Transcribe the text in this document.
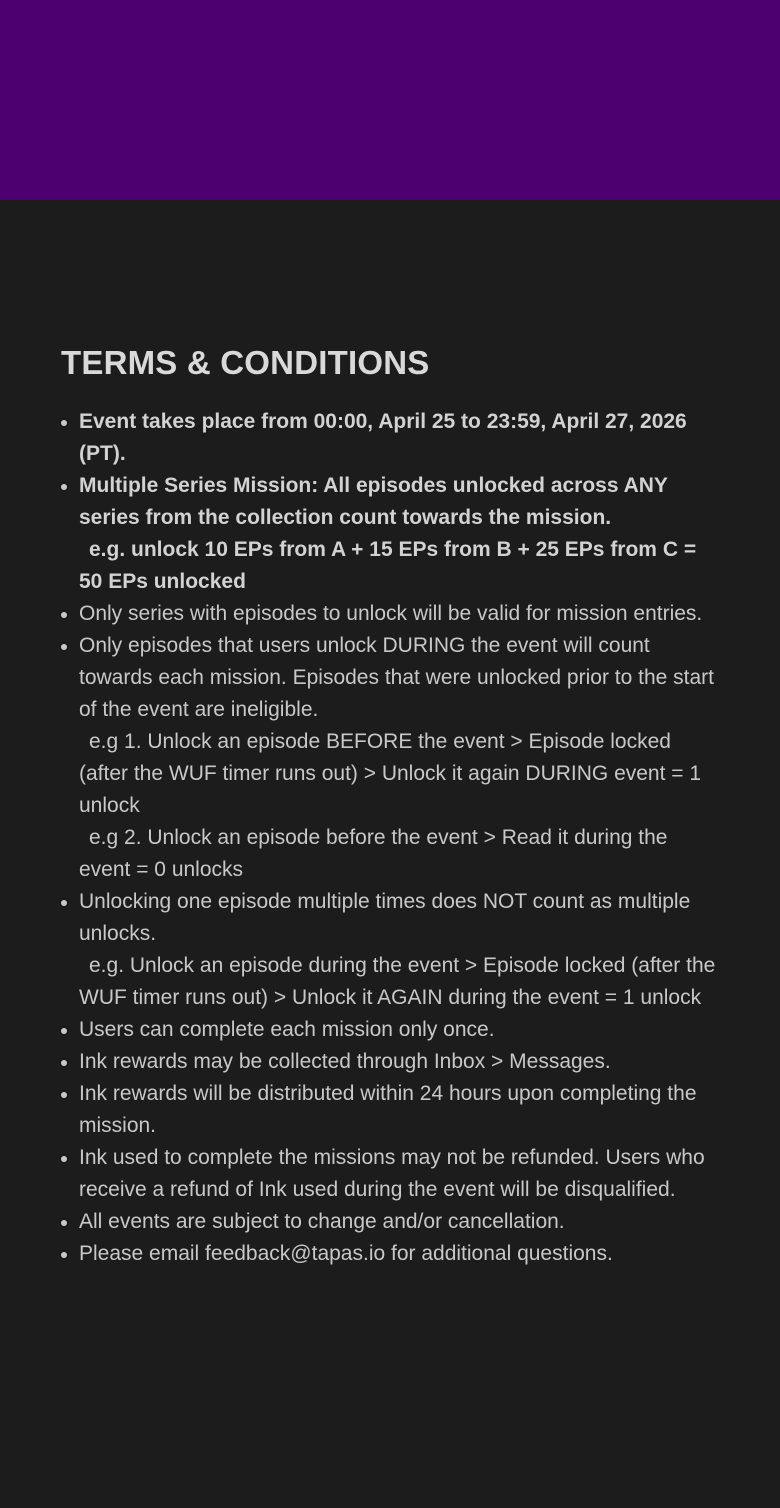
TERMS & CONDITIONS
Event takes place from 00:00, April 25 to 23:59, April 27, 2026 (PT).
Multiple Series Mission: All episodes unlocked across ANY series from the collection count towards the mission.
e.g. unlock 10 EPs from A + 15 EPs from B + 25 EPs from C = 50 EPs unlocked
Only series with episodes to unlock will be valid for mission entries.
Only episodes that users unlock DURING the event will count towards each mission. Episodes that were unlocked prior to the start of the event are ineligible.
e.g 1. Unlock an episode BEFORE the event > Episode locked (after the WUF timer runs out) > Unlock it again DURING event = 1 unlock
e.g 2. Unlock an episode before the event > Read it during the event = 0 unlocks
Unlocking one episode multiple times does NOT count as multiple unlocks.
e.g. Unlock an episode during the event > Episode locked (after the WUF timer runs out) > Unlock it AGAIN during the event = 1 unlock
Users can complete each mission only once.
Ink rewards may be collected through Inbox > Messages.
Ink rewards will be distributed within 24 hours upon completing the mission.
Ink used to complete the missions may not be refunded. Users who receive a refund of Ink used during the event will be disqualified.
All events are subject to change and/or cancellation.
Please email feedback@tapas.io for additional questions.
